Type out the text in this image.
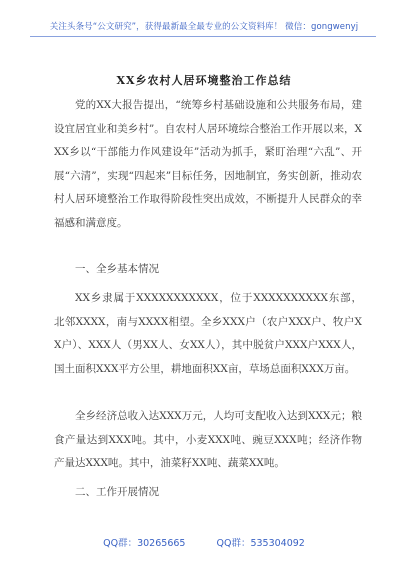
关注头条号“公文研究”，获得最新最全最专业的公文资料库！ 微信：gongwenyj
XX乡农村人居环境整治工作总结

党的XX大报告提出，“统筹乡村基础设施和公共服务布局，建设宜居宜业和美乡村”。自农村人居环境综合整治工作开展以来，XXX乡以“干部能力作风建设年”活动为抓手，紧盯治理“六乱”、开展“六清”，实现“四起来”目标任务，因地制宜，务实创新，推动农村人居环境整治工作取得阶段性突出成效，不断提升人民群众的幸福感和满意度。

一、全乡基本情况

XX乡隶属于XXXXXXXXXXX，位于XXXXXXXXXX东部，北邻XXXX，南与XXXX相望。全乡XXX户（农户XXX户、牧户XX户）、XXX人（男XX人、女XX人），其中脱贫户XXX户XXX人，国土面积XXX平方公里，耕地面积XX亩，草场总面积XXX万亩。

全乡经济总收入达XXX万元，人均可支配收入达到XXX元；粮食产量达到XXX吨。其中，小麦XXX吨、豌豆XXX吨；经济作物产量达XXX吨。其中，油菜籽XX吨、蔬菜XX吨。

二、工作开展情况
QQ群：30265665	QQ群：535304092
